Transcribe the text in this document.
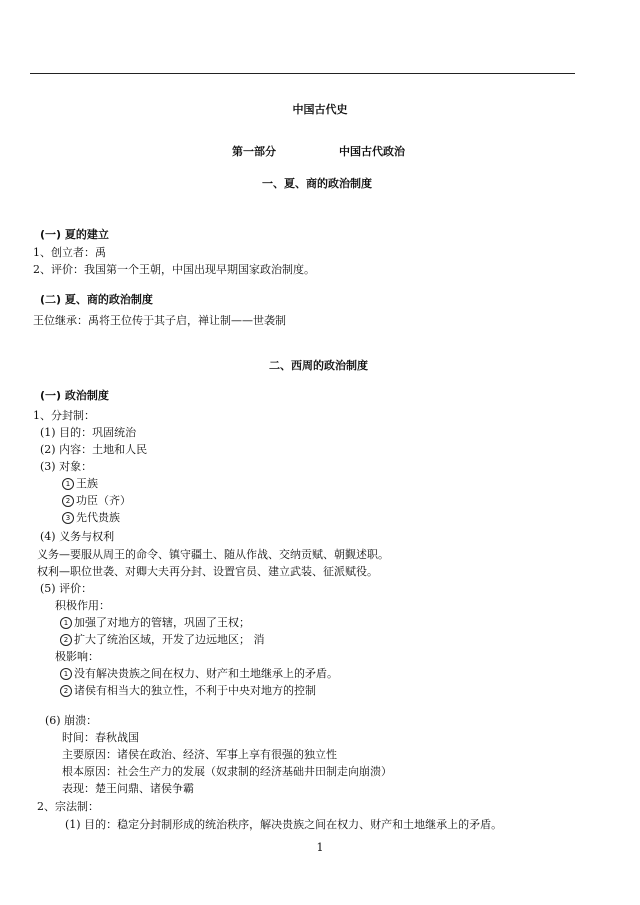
中国古代史
第一部分	中国古代政治
一、夏、商的政治制度
(一) 夏的建立
1、创立者：禹
2、评价：我国第一个王朝，中国出现早期国家政治制度。
(二) 夏、商的政治制度
王位继承：禹将王位传于其子启，禅让制——世袭制
二、西周的政治制度
(一) 政治制度
1、分封制：
(1) 目的：巩固统治
(2) 内容：土地和人民
(3) 对象：
1 王族
2 功臣（齐）
3 先代贵族
(4) 义务与权利
义务—要服从周王的命令、镇守疆土、随从作战、交纳贡赋、朝觐述职。
权利—职位世袭、对卿大夫再分封、设置官员、建立武装、征派赋役。
(5) 评价：
积极作用：
1 加强了对地方的管辖，巩固了王权；
2 扩大了统治区域，开发了边远地区； 消
极影响：
1 没有解决贵族之间在权力、财产和土地继承上的矛盾。
2 诸侯有相当大的独立性，不利于中央对地方的控制
(6) 崩溃：
时间：春秋战国
主要原因：诸侯在政治、经济、军事上享有很强的独立性
根本原因：社会生产力的发展（奴隶制的经济基础井田制走向崩溃）
表现：楚王问鼎、诸侯争霸
2、宗法制：
(1) 目的：稳定分封制形成的统治秩序，解决贵族之间在权力、财产和土地继承上的矛盾。
1
